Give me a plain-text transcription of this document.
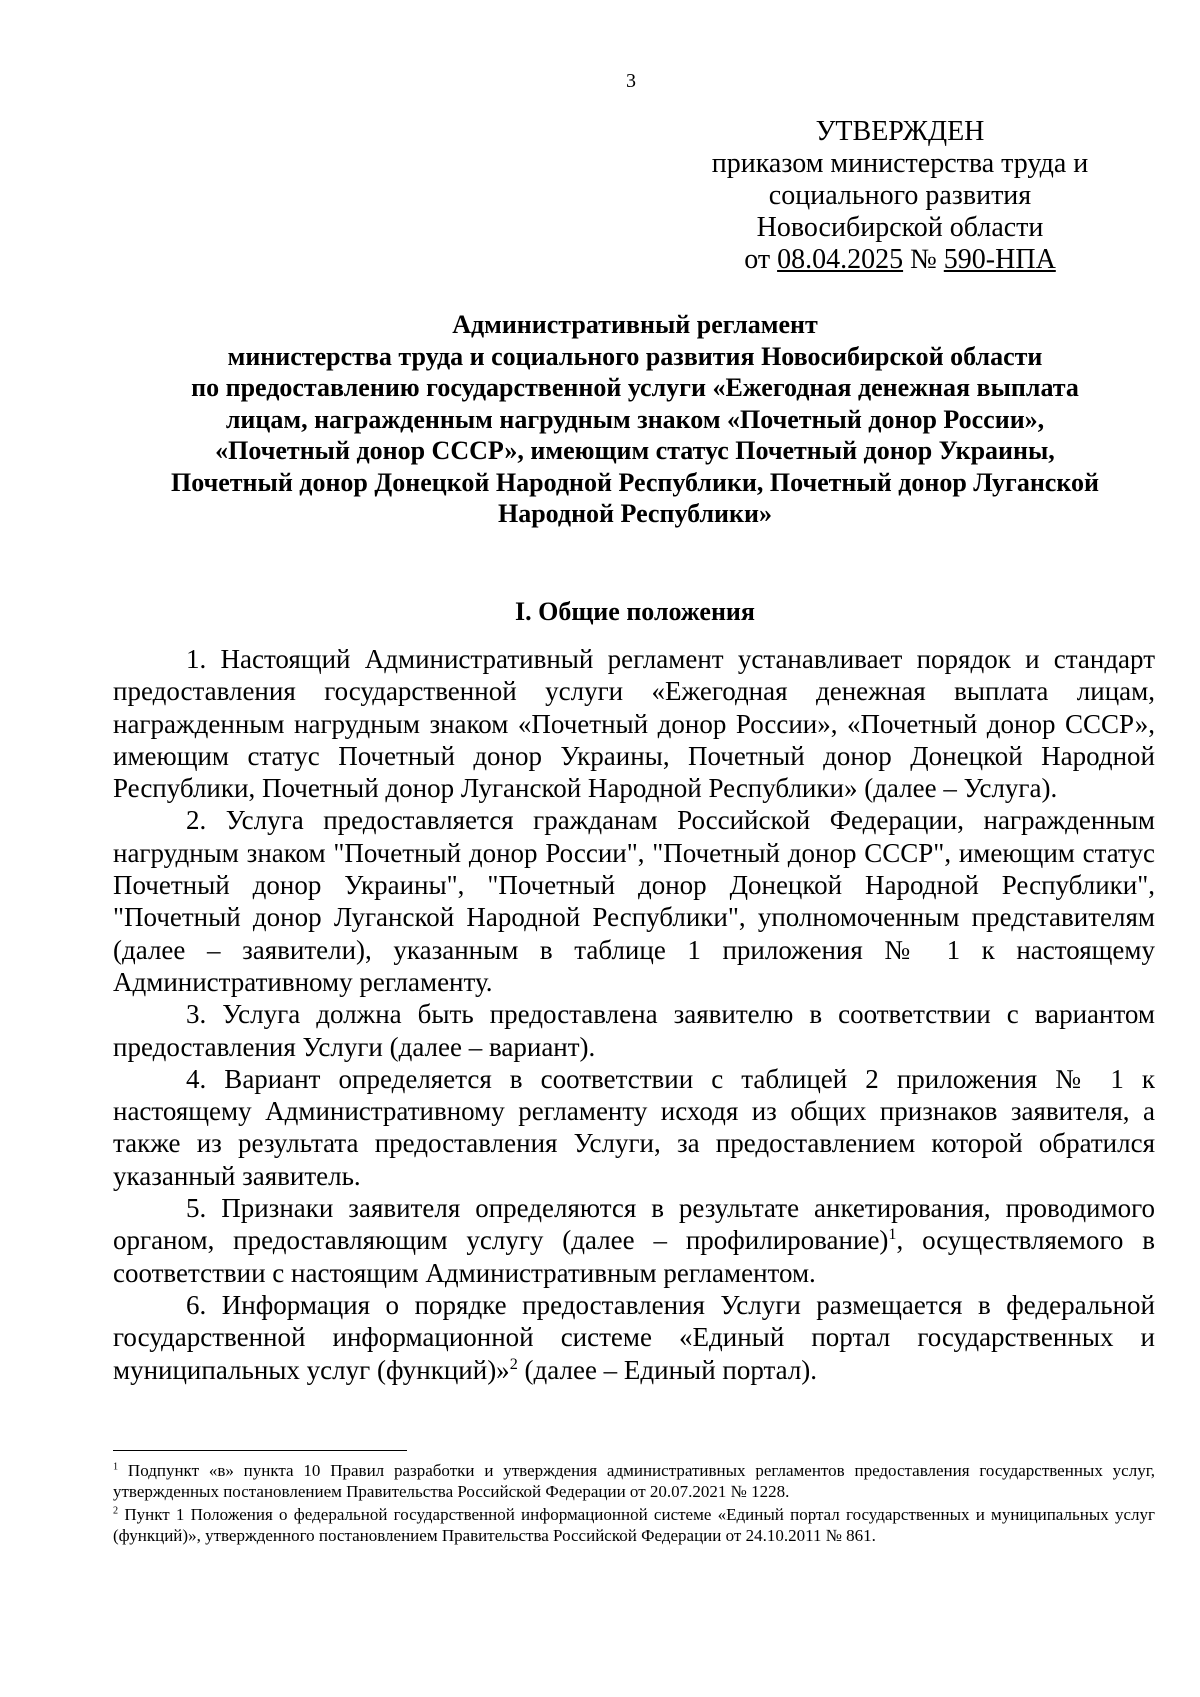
3
УТВЕРЖДЕН
приказом министерства труда и
социального развития
Новосибирской области
от 08.04.2025 № 590-НПА
Административный регламент
министерства труда и социального развития Новосибирской области
по предоставлению государственной услуги «Ежегодная денежная выплата
лицам, награжденным нагрудным знаком «Почетный донор России»,
«Почетный донор СССР», имеющим статус Почетный донор Украины,
Почетный донор Донецкой Народной Республики, Почетный донор Луганской
Народной Республики»
I. Общие положения

1. Настоящий Административный регламент устанавливает порядок и стандарт предоставления государственной услуги «Ежегодная денежная выплата лицам, награжденным нагрудным знаком «Почетный донор России», «Почетный донор СССР», имеющим статус Почетный донор Украины, Почетный донор Донецкой Народной Республики, Почетный донор Луганской Народной Республики» (далее – Услуга).

2. Услуга предоставляется гражданам Российской Федерации, награжденным нагрудным знаком "Почетный донор России", "Почетный донор СССР", имеющим статус Почетный донор Украины", "Почетный донор Донецкой Народной Республики", "Почетный донор Луганской Народной Республики", уполномоченным представителям (далее – заявители), указанным в таблице 1 приложения № 1 к настоящему Административному регламенту.

3. Услуга должна быть предоставлена заявителю в соответствии с вариантом предоставления Услуги (далее – вариант).

4. Вариант определяется в соответствии с таблицей 2 приложения № 1 к настоящему Административному регламенту исходя из общих признаков заявителя, а также из результата предоставления Услуги, за предоставлением которой обратился указанный заявитель.

5. Признаки заявителя определяются в результате анкетирования, проводимого органом, предоставляющим услугу (далее – профилирование)$^1$, осуществляемого в соответствии с настоящим Административным регламентом.

6. Информация о порядке предоставления Услуги размещается в федеральной государственной информационной системе «Единый портал государственных и муниципальных услуг (функций)»$^2$ (далее – Единый портал).

$^1$ Подпункт «в» пункта 10 Правил разработки и утверждения административных регламентов предоставления государственных услуг, утвержденных постановлением Правительства Российской Федерации от 20.07.2021 № 1228.

$^2$ Пункт 1 Положения о федеральной государственной информационной системе «Единый портал государственных и муниципальных услуг (функций)», утвержденного постановлением Правительства Российской Федерации от 24.10.2011 № 861.
